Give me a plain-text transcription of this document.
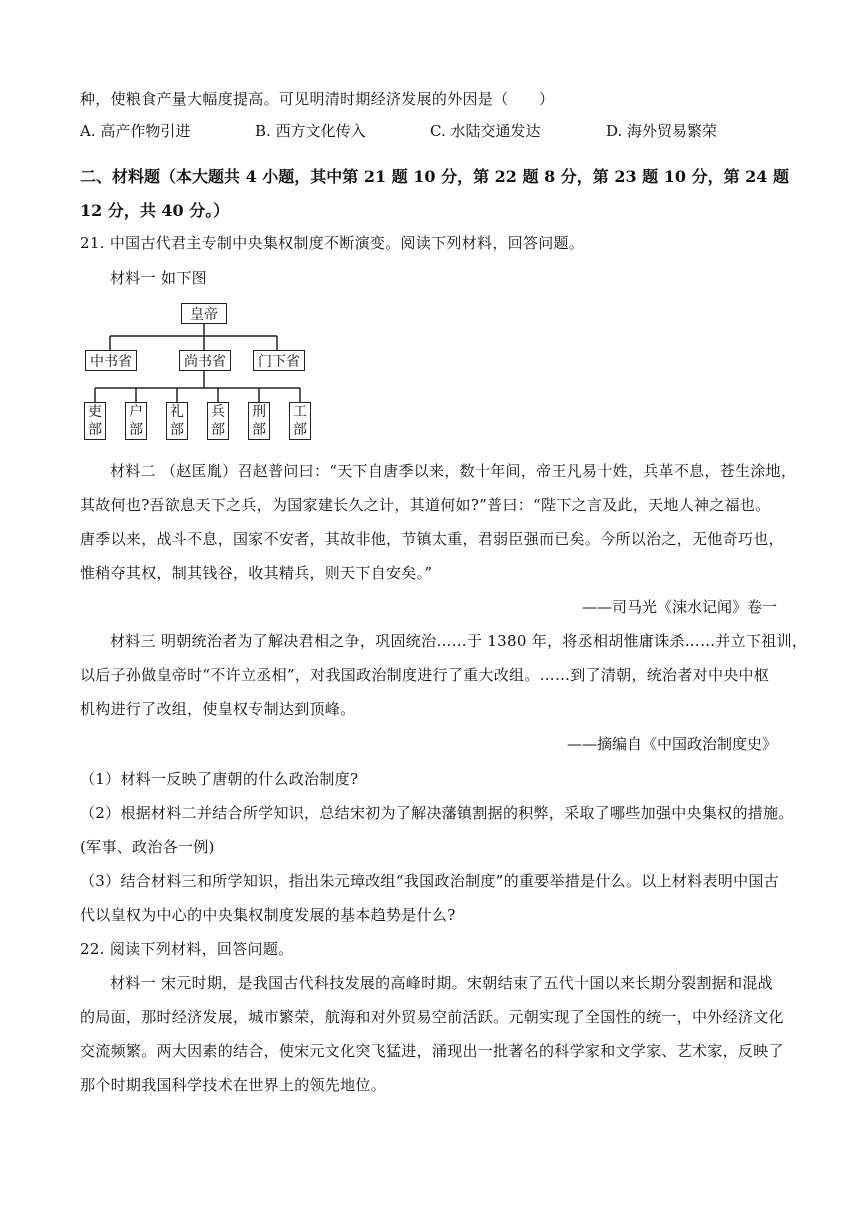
种，使粮食产量大幅度提高。可见明清时期经济发展的外因是（　　）
A. 高产作物引进	B. 西方文化传入	C. 水陆交通发达	D. 海外贸易繁荣
二、材料题（本大题共 4 小题，其中第 21 题 10 分，第 22 题 8 分，第 23 题 10 分，第 24 题
12 分，共 40 分。）
21. 中国古代君主专制中央集权制度不断演变。阅读下列材料，回答问题。
材料一 如下图
皇帝
中书省	尚书省	门下省
吏
部
户
部
礼
部
兵
部
刑
部
工
部
材料二 （赵匡胤）召赵普问曰：“天下自唐季以来，数十年间，帝王凡易十姓，兵革不息，苍生涂地，
其故何也?吾欲息天下之兵，为国家建长久之计，其道何如?”普曰：“陛下之言及此，天地人神之福也。
唐季以来，战斗不息，国家不安者，其故非他，节镇太重，君弱臣强而已矣。今所以治之，无他奇巧也，
惟稍夺其权，制其钱谷，收其精兵，则天下自安矣。”
——司马光《涑水记闻》卷一
材料三 明朝统治者为了解决君相之争，巩固统治……于 1380 年，将丞相胡惟庸诛杀……并立下祖训，
以后子孙做皇帝时“不许立丞相”，对我国政治制度进行了重大改组。……到了清朝，统治者对中央中枢
机构进行了改组，使皇权专制达到顶峰。
——摘编自《中国政治制度史》
（1）材料一反映了唐朝的什么政治制度?
（2）根据材料二并结合所学知识，总结宋初为了解决藩镇割据的积弊，采取了哪些加强中央集权的措施。
(军事、政治各一例)
（3）结合材料三和所学知识，指出朱元璋改组“我国政治制度”的重要举措是什么。以上材料表明中国古
代以皇权为中心的中央集权制度发展的基本趋势是什么?
22. 阅读下列材料，回答问题。
材料一 宋元时期，是我国古代科技发展的高峰时期。宋朝结束了五代十国以来长期分裂割据和混战
的局面，那时经济发展，城市繁荣，航海和对外贸易空前活跃。元朝实现了全国性的统一，中外经济文化
交流频繁。两大因素的结合，使宋元文化突飞猛进，涌现出一批著名的科学家和文学家、艺术家，反映了
那个时期我国科学技术在世界上的领先地位。
